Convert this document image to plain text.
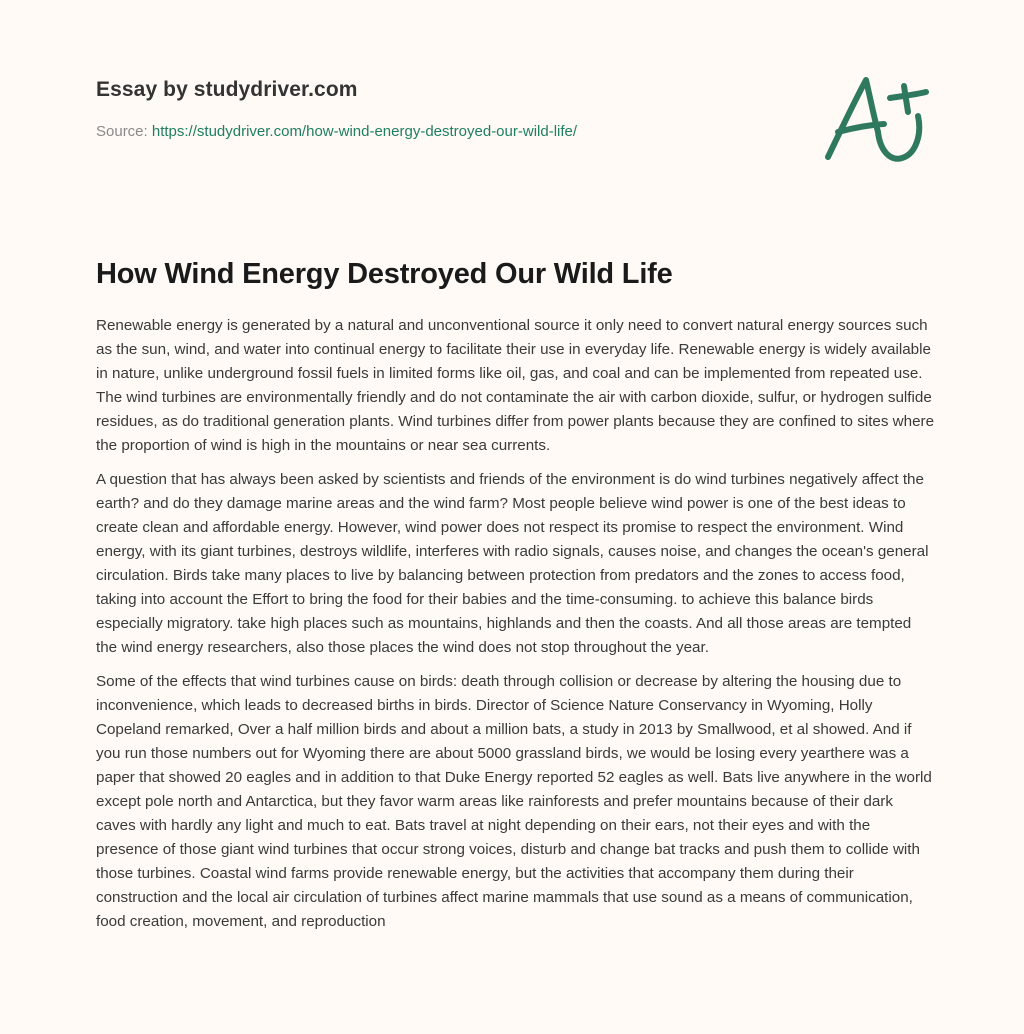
Essay by studydriver.com
Source: https://studydriver.com/how-wind-energy-destroyed-our-wild-life/
How Wind Energy Destroyed Our Wild Life

Renewable energy is generated by a natural and unconventional source it only need to convert natural energy sources such as the sun, wind, and water into continual energy to facilitate their use in everyday life. Renewable energy is widely available in nature, unlike underground fossil fuels in limited forms like oil, gas, and coal and can be implemented from repeated use. The wind turbines are environmentally friendly and do not contaminate the air with carbon dioxide, sulfur, or hydrogen sulfide residues, as do traditional generation plants. Wind turbines differ from power plants because they are confined to sites where the proportion of wind is high in the mountains or near sea currents.

A question that has always been asked by scientists and friends of the environment is do wind turbines negatively affect the earth? and do they damage marine areas and the wind farm? Most people believe wind power is one of the best ideas to create clean and affordable energy. However, wind power does not respect its promise to respect the environment. Wind energy, with its giant turbines, destroys wildlife, interferes with radio signals, causes noise, and changes the ocean's general circulation. Birds take many places to live by balancing between protection from predators and the zones to access food, taking into account the Effort to bring the food for their babies and the time-consuming. to achieve this balance birds especially migratory. take high places such as mountains, highlands and then the coasts. And all those areas are tempted the wind energy researchers, also those places the wind does not stop throughout the year.

Some of the effects that wind turbines cause on birds: death through collision or decrease by altering the housing due to inconvenience, which leads to decreased births in birds. Director of Science Nature Conservancy in Wyoming, Holly Copeland remarked, Over a half million birds and about a million bats, a study in 2013 by Smallwood, et al showed. And if you run those numbers out for Wyoming there are about 5000 grassland birds, we would be losing every yearthere was a paper that showed 20 eagles and in addition to that Duke Energy reported 52 eagles as well. Bats live anywhere in the world except pole north and Antarctica, but they favor warm areas like rainforests and prefer mountains because of their dark caves with hardly any light and much to eat. Bats travel at night depending on their ears, not their eyes and with the presence of those giant wind turbines that occur strong voices, disturb and change bat tracks and push them to collide with those turbines. Coastal wind farms provide renewable energy, but the activities that accompany them during their construction and the local air circulation of turbines affect marine mammals that use sound as a means of communication, food creation, movement, and reproduction
